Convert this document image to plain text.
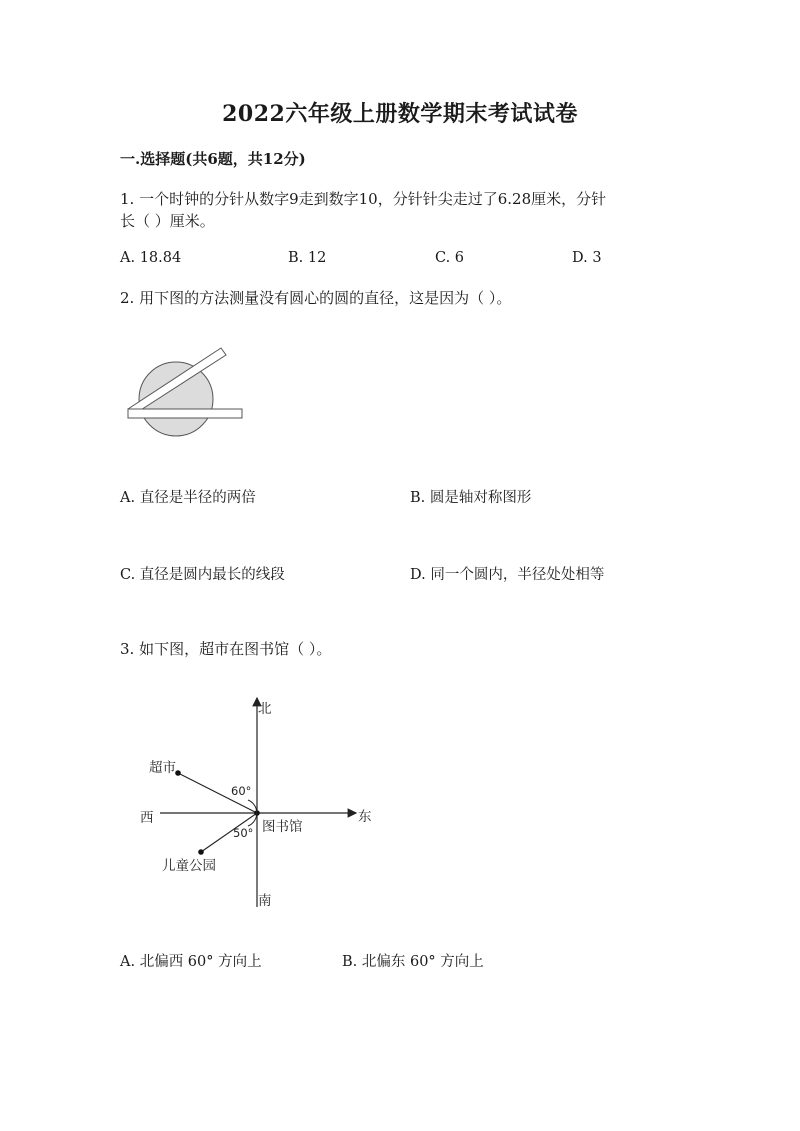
2022六年级上册数学期末考试试卷
一.选择题(共6题，共12分)
1. 一个时钟的分针从数字9走到数字10，分针针尖走过了6.28厘米，分针
长（ ）厘米。
A. 18.84	B. 12	C. 6	D. 3
2. 用下图的方法测量没有圆心的圆的直径，这是因为（ ）。
A. 直径是半径的两倍	B. 圆是轴对称图形
C. 直径是圆内最长的线段	D. 同一个圆内，半径处处相等
3. 如下图，超市在图书馆（ ）。
北
南
西	东
超市
图书馆
儿童公园
60°
50°
A. 北偏西 60° 方向上	B. 北偏东 60° 方向上
